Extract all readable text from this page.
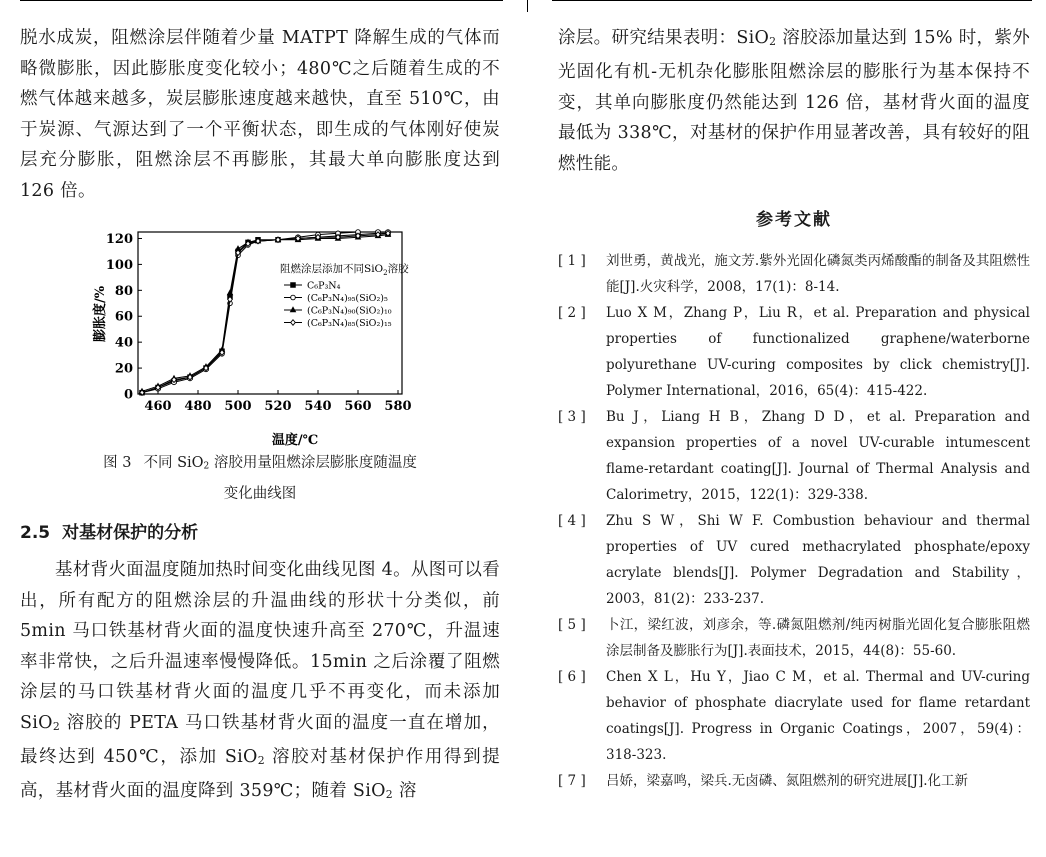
脱水成炭，阻燃涂层伴随着少量 MATPT 降解生成的气体而略微膨胀，因此膨胀度变化较小；480℃之后随着生成的不燃气体越来越多，炭层膨胀速度越来越快，直至 510℃，由于炭源、气源达到了一个平衡状态，即生成的气体刚好使炭层充分膨胀，阻燃涂层不再膨胀，其最大单向膨胀度达到 126 倍。

460 480 500 520 540 560 580
0
20
40
60
80
100
120
温度/℃
膨胀度/%
阻燃涂层添加不同SiO$_2$溶胶
C₆P₃N₄
(C₆P₃N₄)₉₅(SiO₂)₅
(C₆P₃N₄)₉₀(SiO₂)₁₀
(C₆P₃N₄)₈₅(SiO₂)₁₅
图 3 不同 SiO2 溶胶用量阻燃涂层膨胀度随温度
变化曲线图
2.5 对基材保护的分析

基材背火面温度随加热时间变化曲线见图 4。从图可以看出，所有配方的阻燃涂层的升温曲线的形状十分类似，前 5min 马口铁基材背火面的温度快速升高至 270℃，升温速率非常快，之后升温速率慢慢降低。15min 之后涂覆了阻燃涂层的马口铁基材背火面的温度几乎不再变化，而未添加 SiO2 溶胶的 PETA 马口铁基材背火面的温度一直在增加，最终达到 450℃，添加 SiO2 溶胶对基材保护作用得到提高，基材背火面的温度降到 359℃；随着 SiO2 溶

涂层。研究结果表明：SiO2 溶胶添加量达到 15% 时，紫外光固化有机-无机杂化膨胀阻燃涂层的膨胀行为基本保持不变，其单向膨胀度仍然能达到 126 倍，基材背火面的温度最低为 338℃，对基材的保护作用显著改善，具有较好的阻燃性能。

参考文献
[ 1 ]	刘世勇，黄战光，施文芳.紫外光固化磷氮类丙烯酸酯的制备及其阻燃性能[J].火灾科学，2008，17(1)：8-14.
[ 2 ]	Luo X M，Zhang P，Liu R，et al. Preparation and physical properties of functionalized graphene/waterborne polyurethane UV-curing composites by click chemistry[J]. Polymer International，2016，65(4)：415-422.
[ 3 ]	Bu J，Liang H B，Zhang D D，et al. Preparation and expansion properties of a novel UV-curable intumescent flame-retardant coating[J]. Journal of Thermal Analysis and Calorimetry，2015，122(1)：329-338.
[ 4 ]	Zhu S W，Shi W F. Combustion behaviour and thermal properties of UV cured methacrylated phosphate/epoxy acrylate blends[J]. Polymer Degradation and Stability，2003，81(2)：233-237.
[ 5 ]	卜江，梁红波，刘彦余，等.磷氮阻燃剂/纯丙树脂光固化复合膨胀阻燃涂层制备及膨胀行为[J].表面技术，2015，44(8)：55-60.
[ 6 ]	Chen X L，Hu Y，Jiao C M，et al. Thermal and UV-curing behavior of phosphate diacrylate used for flame retardant coatings[J]. Progress in Organic Coatings，2007，59(4)：318-323.
[ 7 ]	吕娇，梁嘉鸣，梁兵.无卤磷、氮阻燃剂的研究进展[J].化工新
